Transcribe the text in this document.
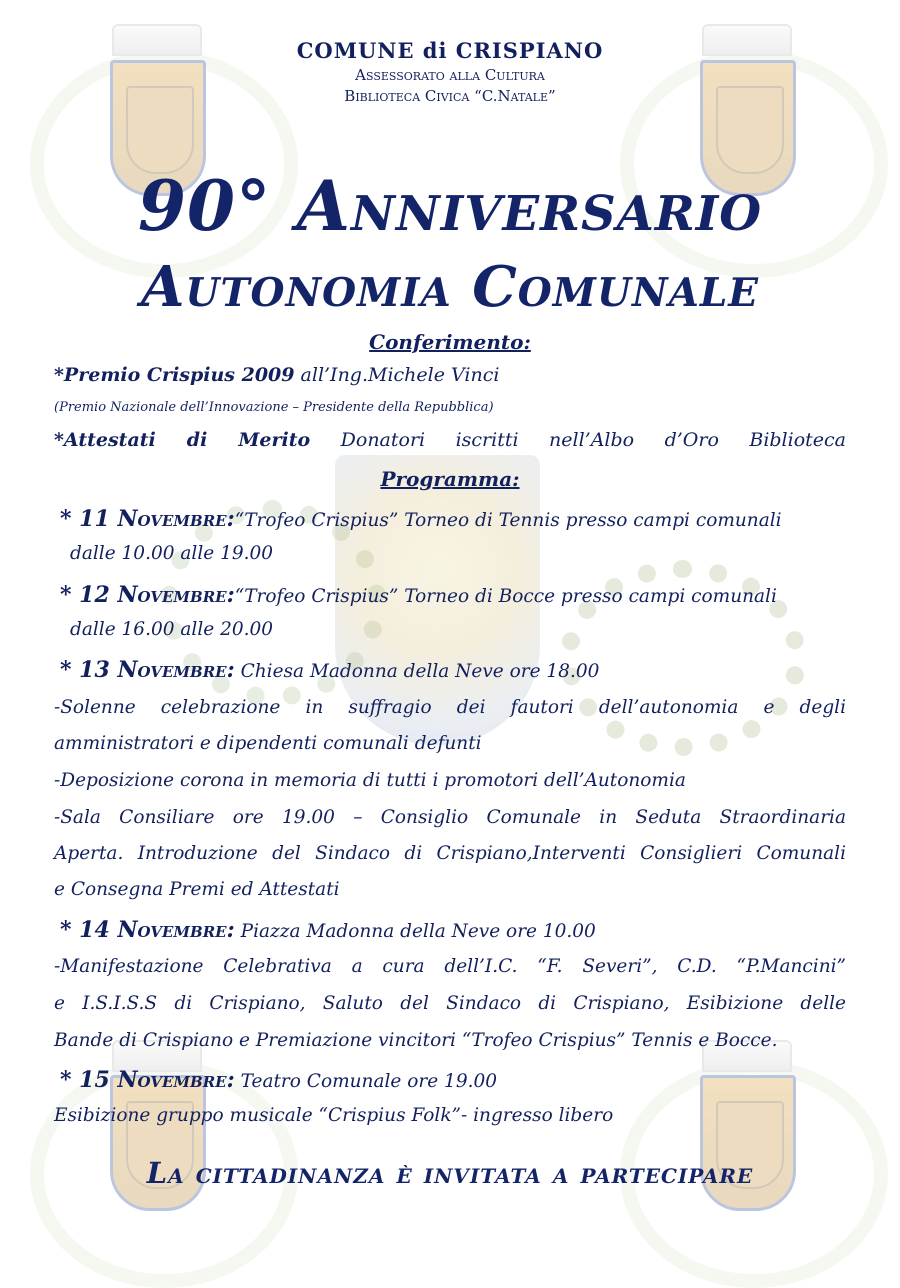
COMUNE di CRISPIANO
Assessorato alla Cultura
Biblioteca Civica “C.Natale”
90° Anniversario
Autonomia Comunale
Conferimento:
*Premio Crispius 2009 all’Ing.Michele Vinci
(Premio Nazionale dell’Innovazione – Presidente della Repubblica)
*Attestati di Merito Donatori iscritti nell’Albo d’Oro Biblioteca
Programma:
* 11 Novembre:“Trofeo Crispius” Torneo di Tennis presso campi comunali
dalle 10.00 alle 19.00
* 12 Novembre:“Trofeo Crispius” Torneo di Bocce presso campi comunali
dalle 16.00 alle 20.00
* 13 Novembre: Chiesa Madonna della Neve ore 18.00
-Solenne celebrazione in suffragio dei fautori dell’autonomia e degli
amministratori e dipendenti comunali defunti
-Deposizione corona in memoria di tutti i promotori dell’Autonomia
-Sala Consiliare ore 19.00 – Consiglio Comunale in Seduta Straordinaria
Aperta. Introduzione del Sindaco di Crispiano,Interventi Consiglieri Comunali
e Consegna Premi ed Attestati
* 14 Novembre: Piazza Madonna della Neve ore 10.00
-Manifestazione Celebrativa a cura dell’I.C. “F. Severi”, C.D. “P.Mancini”
e I.S.I.S.S di Crispiano, Saluto del Sindaco di Crispiano, Esibizione delle
Bande di Crispiano e Premiazione vincitori “Trofeo Crispius” Tennis e Bocce.
* 15 Novembre: Teatro Comunale ore 19.00
Esibizione gruppo musicale “Crispius Folk”- ingresso libero
La cittadinanza è invitata a partecipare
